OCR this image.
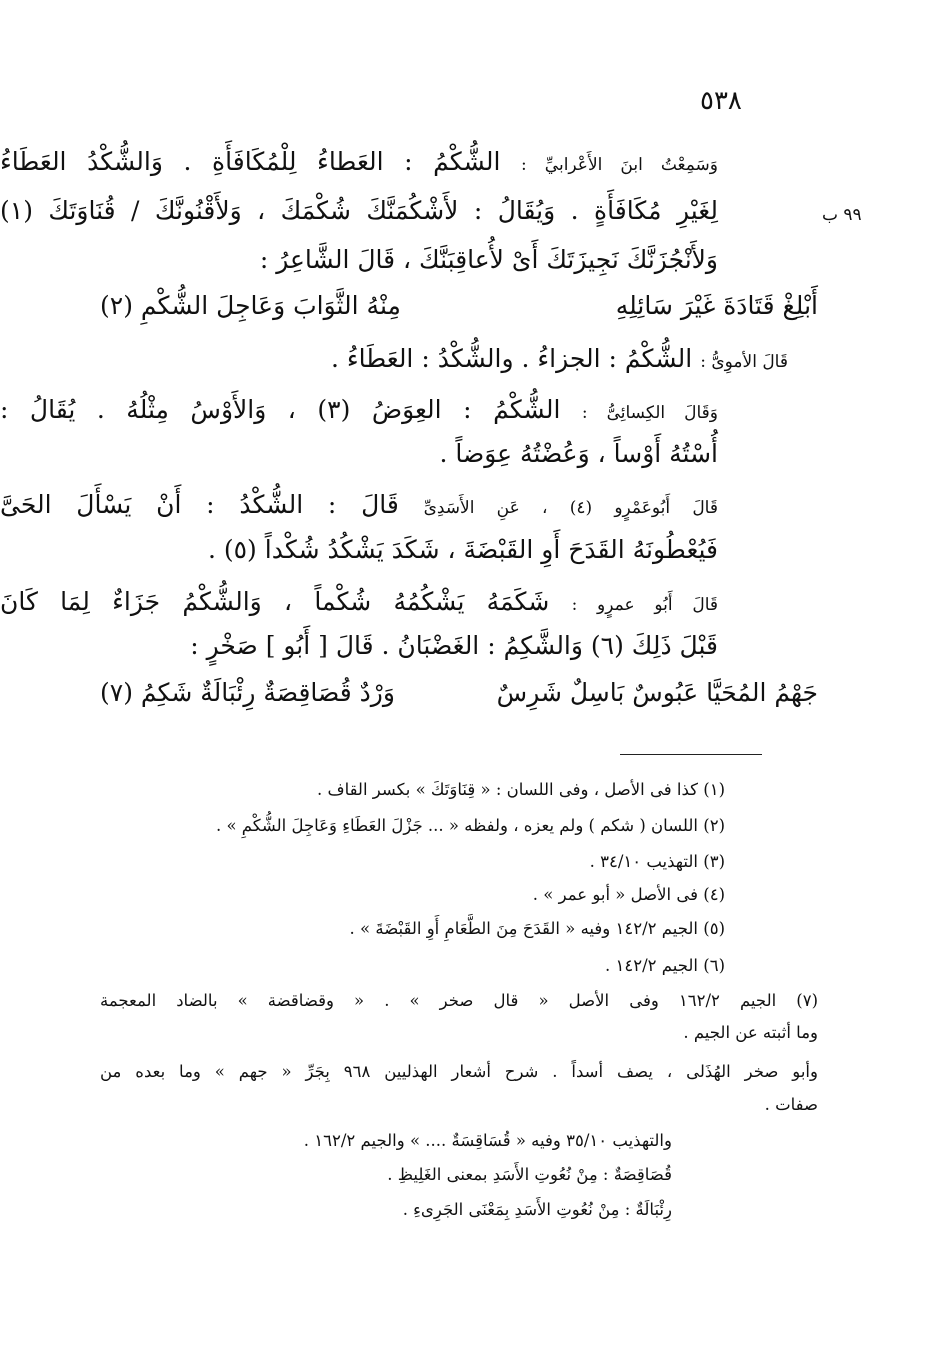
٥٣٨
٩٩ ب
وَسَمِعْتُ ابنَ الأَعْرابيِّ : الشُّكْمُ : العَطاءُ لِلْمُكَافَأَةِ . وَالشُّكْدُ العَطَاءُ
لِغَيْرِ مُكَافَأَةٍ . وَيُقَالُ : لأَشْكُمَنَّكَ شُكْمَكَ ، وَلأَقْنُونَّكَ / قُنَاوَتَكَ (١)
وَلأَنْجُزَنَّكَ نَجِيزَتَكَ أَىْ لأُعاقِبَنَّكَ ، قَالَ الشَّاعِرُ :
أَبْلِغْ قَتَادَةَ غَيْرَ سَائِلِهِ
مِنْهُ الثَّوَابَ وَعَاجِلَ الشُّكْمِ (٢)
قَالَ الأموِىُّ : الشُّكْمُ : الجزاءُ . والشُّكْدُ : العَطَاءُ .
وَقَالَ الكِسائِىُّ : الشُّكْمُ : العِوَضُ (٣) ، وَالأَوْسُ مِثْلُهُ . يُقَالُ :
أُسْتُهُ أَوْساً ، وَعُضْتُهُ عِوَضاً .
قَالَ أَبُوعَمْرٍو (٤) ، عَنِ الأَسَدِىِّ قَالَ : الشُّكْدُ : أَنْ يَسْأَلَ الحَىَّ
فَيُعْطُونَهُ القَدَحَ أَوِ القَبْضَةَ ، شَكَدَ يَشْكُدُ شُكْداً (٥) .
قَالَ أَبُو عمرٍو : شَكَمَهُ يَشْكُمُهُ شُكْماً ، وَالشُّكْمُ جَزَاءٌ لِمَا كَانَ
قَبْلَ ذَلِكَ (٦) وَالشَّكِمُ : الغَضْبَانُ . قَالَ [ أَبُو ] صَخْرٍ :
جَهْمُ المُحَيَّا عَبُوسٌ بَاسِلٌ شَرِسٌ
وَرْدٌ قُصَاقِصَةٌ رِئْبَالَةٌ شَكِمُ (٧)
(١) كذا فى الأصل ، وفى اللسان : « قِنَاوَتَكَ » بكسر القاف .
(٢) اللسان ( شكم ) ولم يعزه ، ولفظه « ... جَزْلَ العَطَاءِ وَعَاجِلَ الشُّكْمِ » .
(٣) التهذيب ٣٤/١٠ .
(٤) فى الأصل « أبو عمر » .
(٥) الجيم ١٤٢/٢ وفيه « القَدَحَ مِنَ الطَّعَامِ أَوِ القَبْضَةَ » .
(٦) الجيم ١٤٢/٢ .
(٧) الجيم ١٦٢/٢ وفى الأصل « قال صخر » . « وقضاقضة » بالضاد المعجمة
وما أثبته عن الجيم .
وأبو صخر الهُذَلى ، يصف أسداً . شرح أشعار الهذليين ٩٦٨ بِجَرِّ « جهم » وما بعده من
صفات .
والتهذيب ٣٥/١٠ وفيه « قُسَاقِسَةٌ .... » والجيم ١٦٢/٢ .
قُصَاقِصَةٌ : مِنْ نُعُوتِ الأَسَدِ بمعنى الغَلِيظِ .
رِئْبَالَةٌ : مِنْ نُعُوتِ الأَسَدِ بِمَعْنَى الجَرِىءِ .
